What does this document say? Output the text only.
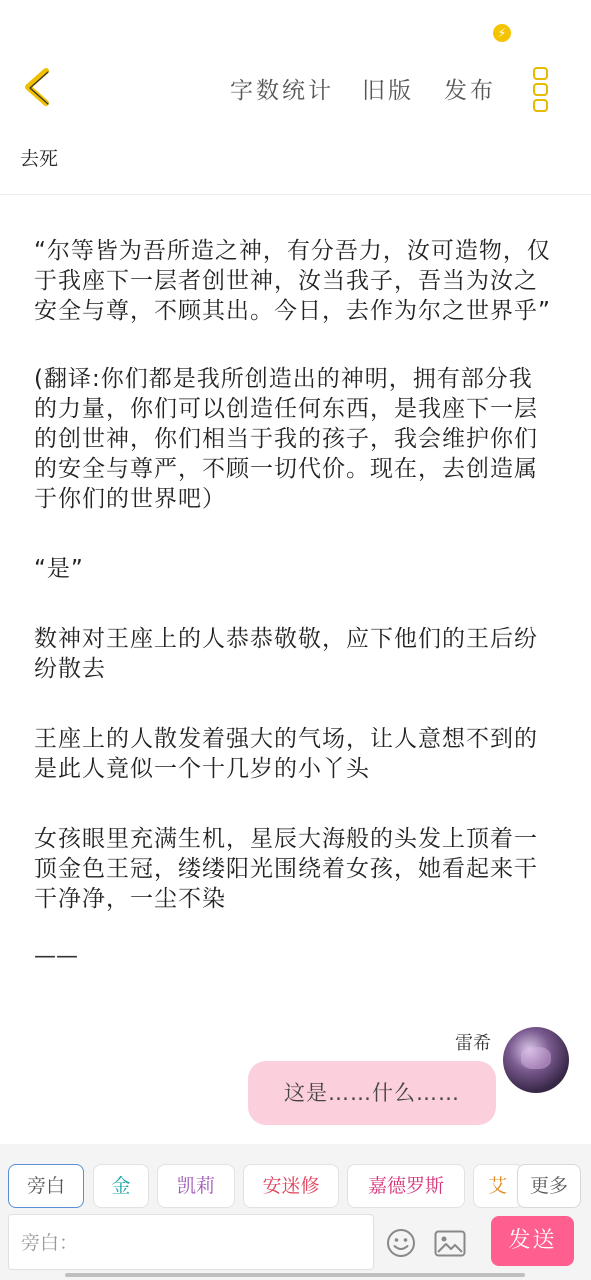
⚡
字数统计 旧版 发布
去死

“尔等皆为吾所造之神，有分吾力，汝可造物，仅于我座下一层者创世神，汝当我子，吾当为汝之安全与尊，不顾其出。今日，去作为尔之世界乎”

(翻译:你们都是我所创造出的神明，拥有部分我的力量，你们可以创造任何东西，是我座下一层的创世神，你们相当于我的孩子，我会维护你们的安全与尊严，不顾一切代价。现在，去创造属于你们的世界吧）

“是”

数神对王座上的人恭恭敬敬，应下他们的王后纷纷散去

王座上的人散发着强大的气场，让人意想不到的是此人竟似一个十几岁的小丫头

女孩眼里充满生机，星辰大海般的头发上顶着一顶金色王冠，缕缕阳光围绕着女孩，她看起来干干净净，一尘不染

——
雷希
这是……什么……
旁白	金	凯莉	安迷修	嘉德罗斯	艾	更多
旁白：	发送
